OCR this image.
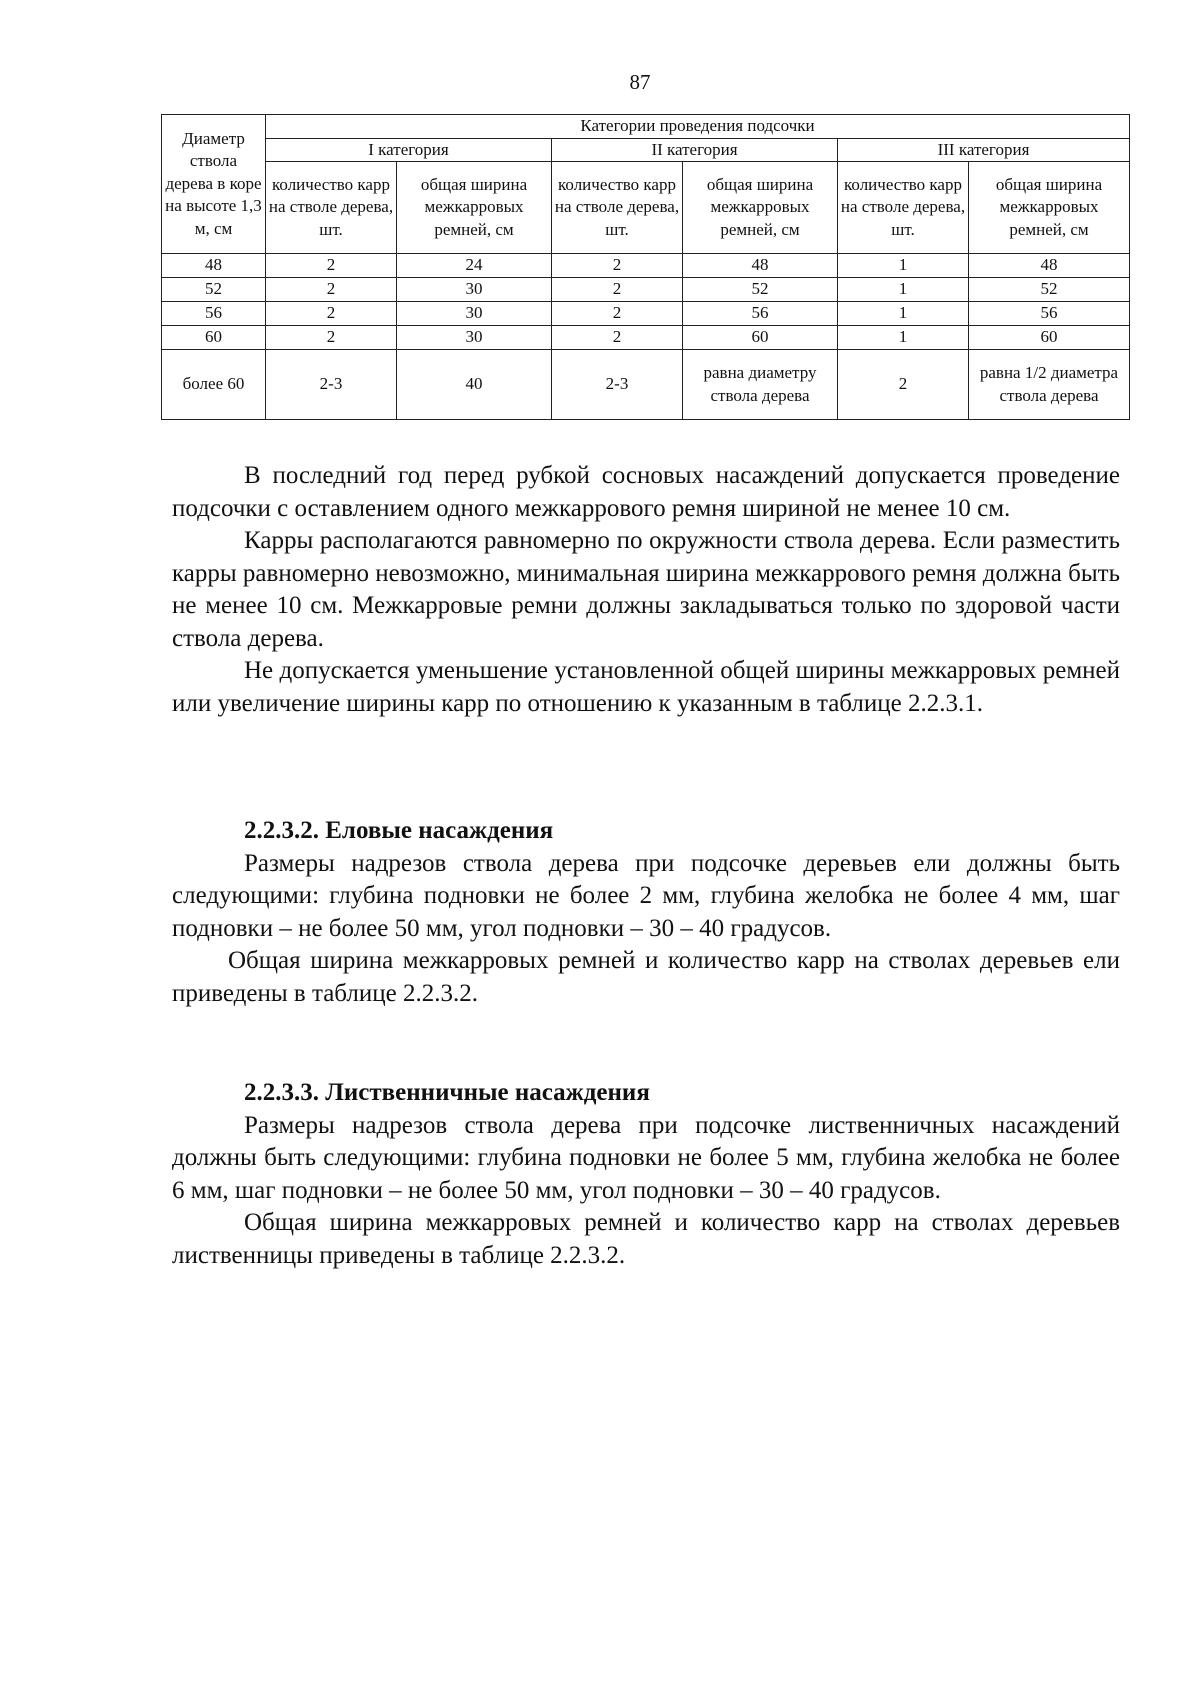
87
Диаметр ствола дерева в коре на высоте 1,3 м, см	Категории проведения подсочки					
	I категория		II категория		III категория	
	количество карр на стволе дерева, шт.	общая ширина межкарровых ремней, см	количество карр на стволе дерева, шт.	общая ширина межкарровых ремней, см	количество карр на стволе дерева, шт.	общая ширина межкарровых ремней, см
48	2	24	2	48	1	48
52	2	30	2	52	1	52
56	2	30	2	56	1	56
60	2	30	2	60	1	60
более 60	2-3	40	2-3	равна диаметру ствола дерева	2	равна 1/2 диаметра ствола дерева

В последний год перед рубкой сосновых насаждений допускается проведение подсочки с оставлением одного межкаррового ремня шириной не менее 10 см.

Карры располагаются равномерно по окружности ствола дерева. Если разместить карры равномерно невозможно, минимальная ширина межкаррового ремня должна быть не менее 10 см. Межкарровые ремни должны закладываться только по здоровой части ствола дерева.

Не допускается уменьшение установленной общей ширины межкарровых ремней или увеличение ширины карр по отношению к указанным в таблице 2.2.3.1.

2.2.3.2. Еловые насаждения

Размеры надрезов ствола дерева при подсочке деревьев ели должны быть следующими: глубина подновки не более 2 мм, глубина желобка не более 4 мм, шаг подновки – не более 50 мм, угол подновки – 30 – 40 градусов.

Общая ширина межкарровых ремней и количество карр на стволах деревьев ели приведены в таблице 2.2.3.2.

2.2.3.3. Лиственничные насаждения

Размеры надрезов ствола дерева при подсочке лиственничных насаждений должны быть следующими: глубина подновки не более 5 мм, глубина желобка не более 6 мм, шаг подновки – не более 50 мм, угол подновки – 30 – 40 градусов.

Общая ширина межкарровых ремней и количество карр на стволах деревьев лиственницы приведены в таблице 2.2.3.2.
